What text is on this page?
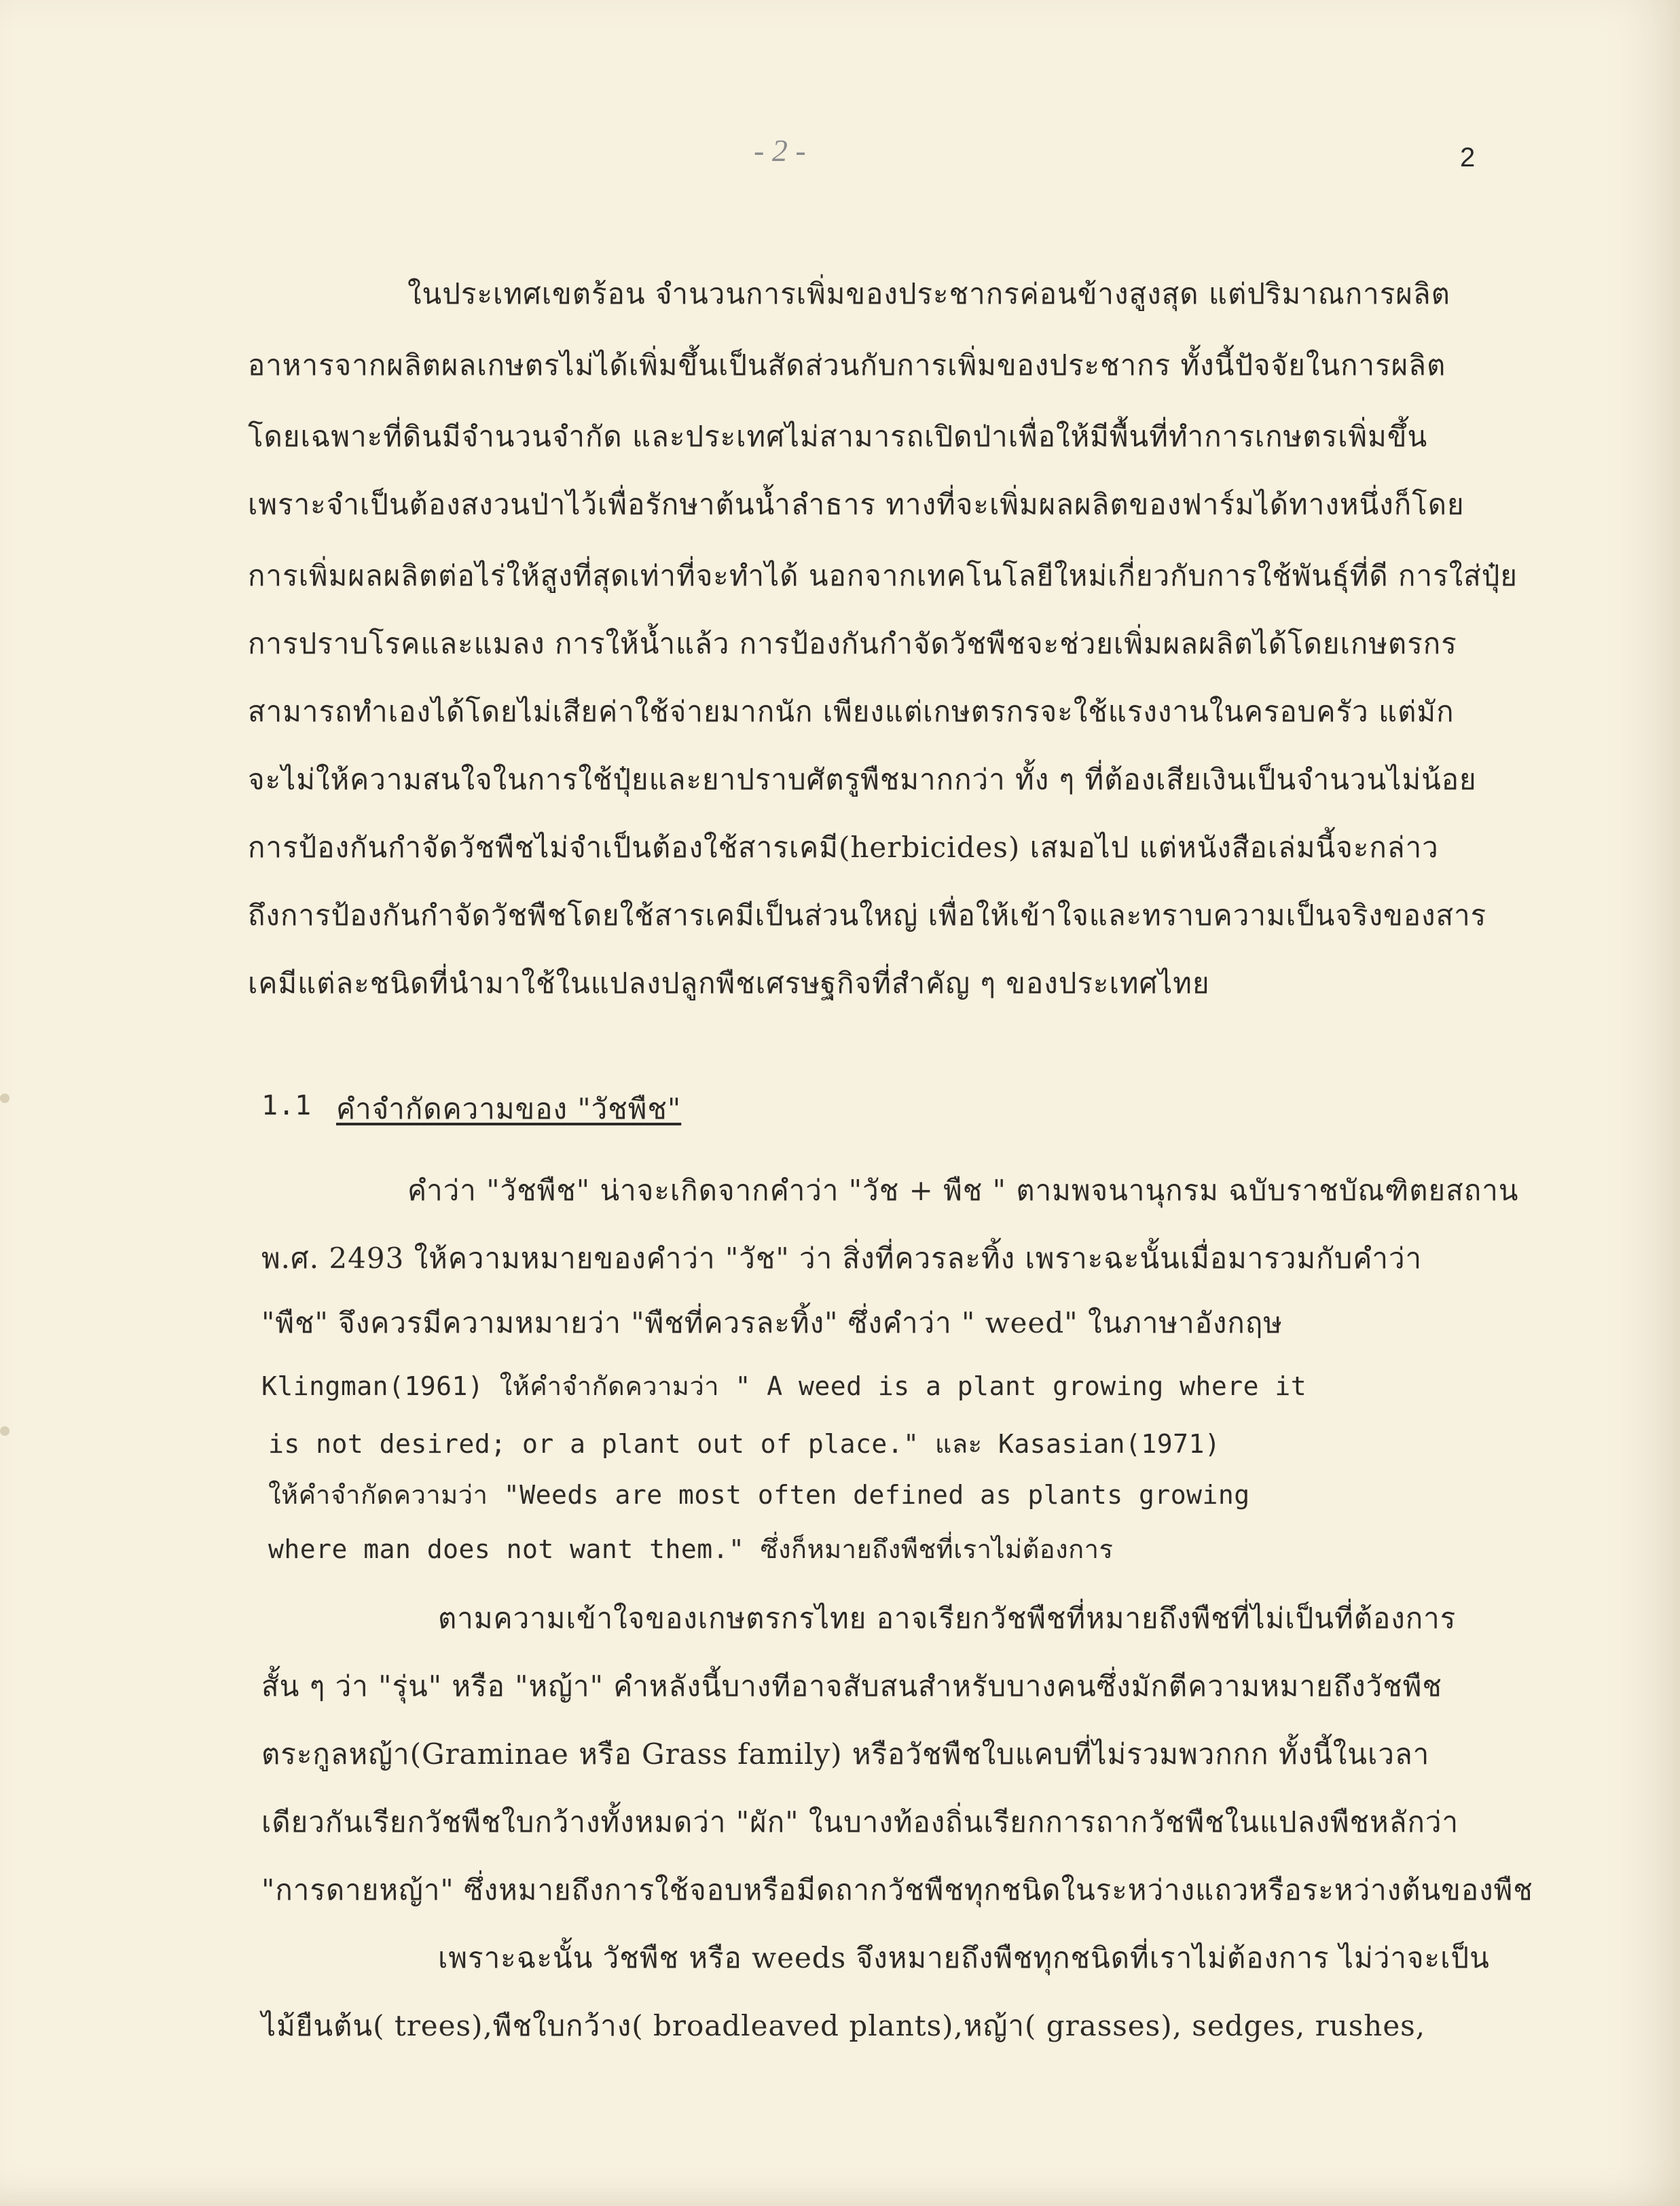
- 2 -	2
ในประเทศเขตร้อน จำนวนการเพิ่มของประชากรค่อนข้างสูงสุด แต่ปริมาณการผลิต
อาหารจากผลิตผลเกษตรไม่ได้เพิ่มขึ้นเป็นสัดส่วนกับการเพิ่มของประชากร ทั้งนี้ปัจจัยในการผลิต
โดยเฉพาะที่ดินมีจำนวนจำกัด และประเทศไม่สามารถเปิดป่าเพื่อให้มีพื้นที่ทำการเกษตรเพิ่มขึ้น
เพราะจำเป็นต้องสงวนป่าไว้เพื่อรักษาต้นน้ำลำธาร ทางที่จะเพิ่มผลผลิตของฟาร์มได้ทางหนึ่งก็โดย
การเพิ่มผลผลิตต่อไร่ให้สูงที่สุดเท่าที่จะทำได้ นอกจากเทคโนโลยีใหม่เกี่ยวกับการใช้พันธุ์ที่ดี การใส่ปุ๋ย
การปราบโรคและแมลง การให้น้ำแล้ว การป้องกันกำจัดวัชพืชจะช่วยเพิ่มผลผลิตได้โดยเกษตรกร
สามารถทำเองได้โดยไม่เสียค่าใช้จ่ายมากนัก เพียงแต่เกษตรกรจะใช้แรงงานในครอบครัว แต่มัก
จะไม่ให้ความสนใจในการใช้ปุ๋ยและยาปราบศัตรูพืชมากกว่า ทั้ง ๆ ที่ต้องเสียเงินเป็นจำนวนไม่น้อย
การป้องกันกำจัดวัชพืชไม่จำเป็นต้องใช้สารเคมี(herbicides) เสมอไป แต่หนังสือเล่มนี้จะกล่าว
ถึงการป้องกันกำจัดวัชพืชโดยใช้สารเคมีเป็นส่วนใหญ่ เพื่อให้เข้าใจและทราบความเป็นจริงของสาร
เคมีแต่ละชนิดที่นำมาใช้ในแปลงปลูกพืชเศรษฐกิจที่สำคัญ ๆ ของประเทศไทย
1.1 คำจำกัดความของ "วัชพืช"
คำว่า "วัชพืช" น่าจะเกิดจากคำว่า "วัช + พืช " ตามพจนานุกรม ฉบับราชบัณฑิตยสถาน
พ.ศ. 2493 ให้ความหมายของคำว่า "วัช" ว่า สิ่งที่ควรละทิ้ง เพราะฉะนั้นเมื่อมารวมกับคำว่า
"พืช" จึงควรมีความหมายว่า "พืชที่ควรละทิ้ง" ซึ่งคำว่า " weed" ในภาษาอังกฤษ
Klingman(1961) ให้คำจำกัดความว่า " A weed is a plant growing where it
is not desired; or a plant out of place." และ Kasasian(1971)
ให้คำจำกัดความว่า "Weeds are most often defined as plants growing
where man does not want them." ซึ่งก็หมายถึงพืชที่เราไม่ต้องการ
ตามความเข้าใจของเกษตรกรไทย อาจเรียกวัชพืชที่หมายถึงพืชที่ไม่เป็นที่ต้องการ
สั้น ๆ ว่า "รุ่น" หรือ "หญ้า" คำหลังนี้บางทีอาจสับสนสำหรับบางคนซึ่งมักตีความหมายถึงวัชพืช
ตระกูลหญ้า(Graminae หรือ Grass family) หรือวัชพืชใบแคบที่ไม่รวมพวกกก ทั้งนี้ในเวลา
เดียวกันเรียกวัชพืชใบกว้างทั้งหมดว่า "ผัก" ในบางท้องถิ่นเรียกการถากวัชพืชในแปลงพืชหลักว่า
"การดายหญ้า" ซึ่งหมายถึงการใช้จอบหรือมีดถากวัชพืชทุกชนิดในระหว่างแถวหรือระหว่างต้นของพืช
เพราะฉะนั้น วัชพืช หรือ weeds จึงหมายถึงพืชทุกชนิดที่เราไม่ต้องการ ไม่ว่าจะเป็น
ไม้ยืนต้น( trees),พืชใบกว้าง( broadleaved plants),หญ้า( grasses), sedges, rushes,
